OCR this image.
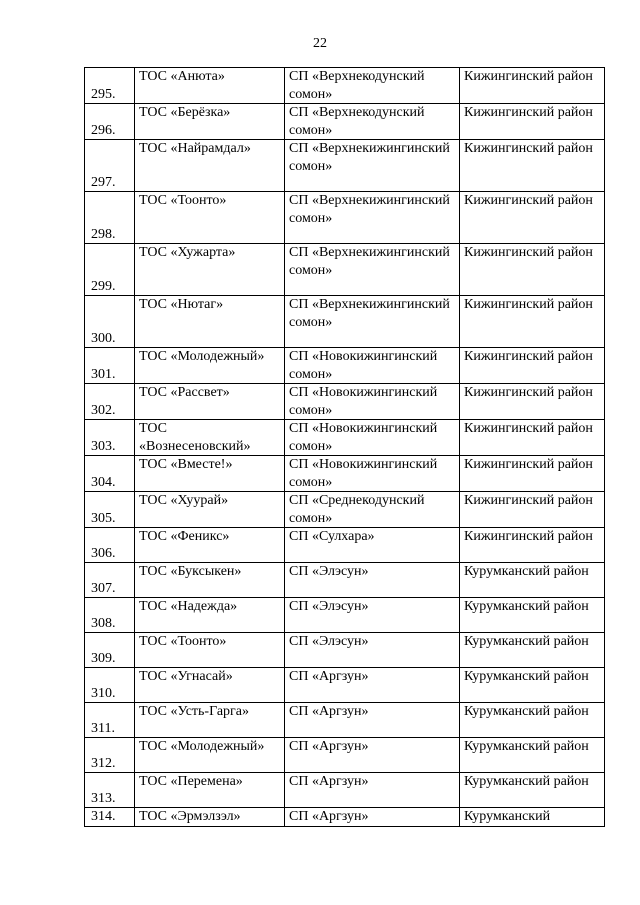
22
295.	ТОС «Анюта»	СП «Верхнекодунский сомон»	Кижингинский район
296.	ТОС «Берёзка»	СП «Верхнекодунский сомон»	Кижингинский район
297.	ТОС «Найрамдал»	СП «Верхнекижингинский сомон»	Кижингинский район
298.	ТОС «Тоонто»	СП «Верхнекижингинский сомон»	Кижингинский район
299.	ТОС «Хужарта»	СП «Верхнекижингинский сомон»	Кижингинский район
300.	ТОС «Нютаг»	СП «Верхнекижингинский сомон»	Кижингинский район
301.	ТОС «Молодежный»	СП «Новокижингинский сомон»	Кижингинский район
302.	ТОС «Рассвет»	СП «Новокижингинский сомон»	Кижингинский район
303.	ТОС «Вознесеновский»	СП «Новокижингинский сомон»	Кижингинский район
304.	ТОС «Вместе!»	СП «Новокижингинский сомон»	Кижингинский район
305.	ТОС «Хуурай»	СП «Среднекодунский сомон»	Кижингинский район
306.	ТОС «Феникс»	СП «Сулхара»	Кижингинский район
307.	ТОС «Буксыкен»	СП «Элэсун»	Курумканский район
308.	ТОС «Надежда»	СП «Элэсун»	Курумканский район
309.	ТОС «Тоонто»	СП «Элэсун»	Курумканский район
310.	ТОС «Угнасай»	СП «Аргзун»	Курумканский район
311.	ТОС «Усть-Гарга»	СП «Аргзун»	Курумканский район
312.	ТОС «Молодежный»	СП «Аргзун»	Курумканский район
313.	ТОС «Перемена»	СП «Аргзун»	Курумканский район
314.	ТОС «Эрмэлзэл»	СП «Аргзун»	Курумканский
